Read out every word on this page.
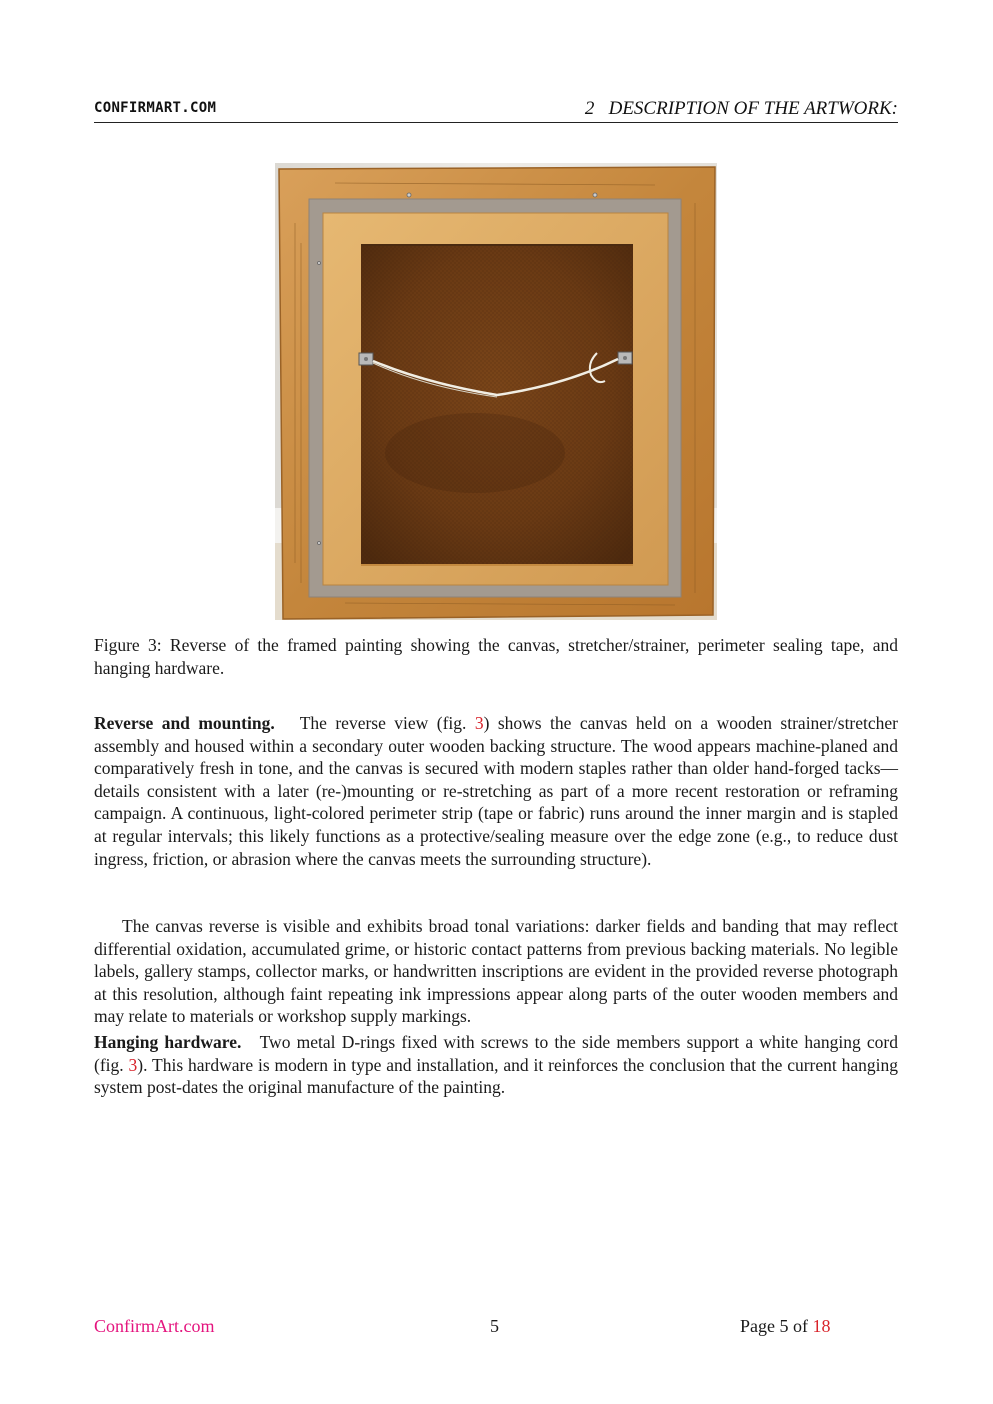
CONFIRMART.COM	2   DESCRIPTION OF THE ARTWORK:
Figure 3: Reverse of the framed painting showing the canvas, stretcher/strainer, perimeter sealing tape, and hanging hardware.

Reverse and mounting. The reverse view (fig. 3) shows the canvas held on a wooden strainer/stretcher assembly and housed within a secondary outer wooden backing structure. The wood appears machine-planed and comparatively fresh in tone, and the canvas is secured with modern staples rather than older hand-forged tacks—details consistent with a later (re-)mounting or re-stretching as part of a more recent restoration or reframing campaign. A continuous, light-colored perimeter strip (tape or fabric) runs around the inner margin and is stapled at regular intervals; this likely functions as a protective/sealing measure over the edge zone (e.g., to reduce dust ingress, friction, or abrasion where the canvas meets the surrounding structure).

The canvas reverse is visible and exhibits broad tonal variations: darker fields and banding that may reflect differential oxidation, accumulated grime, or historic contact patterns from previous backing materials. No legible labels, gallery stamps, collector marks, or handwritten inscriptions are evident in the provided reverse photograph at this resolution, although faint repeating ink impressions appear along parts of the outer wooden members and may relate to materials or workshop supply markings.

Hanging hardware. Two metal D-rings fixed with screws to the side members support a white hanging cord (fig. 3). This hardware is modern in type and installation, and it reinforces the conclusion that the current hanging system post-dates the original manufacture of the painting.

ConfirmArt.com	5	Page 5 of 18
